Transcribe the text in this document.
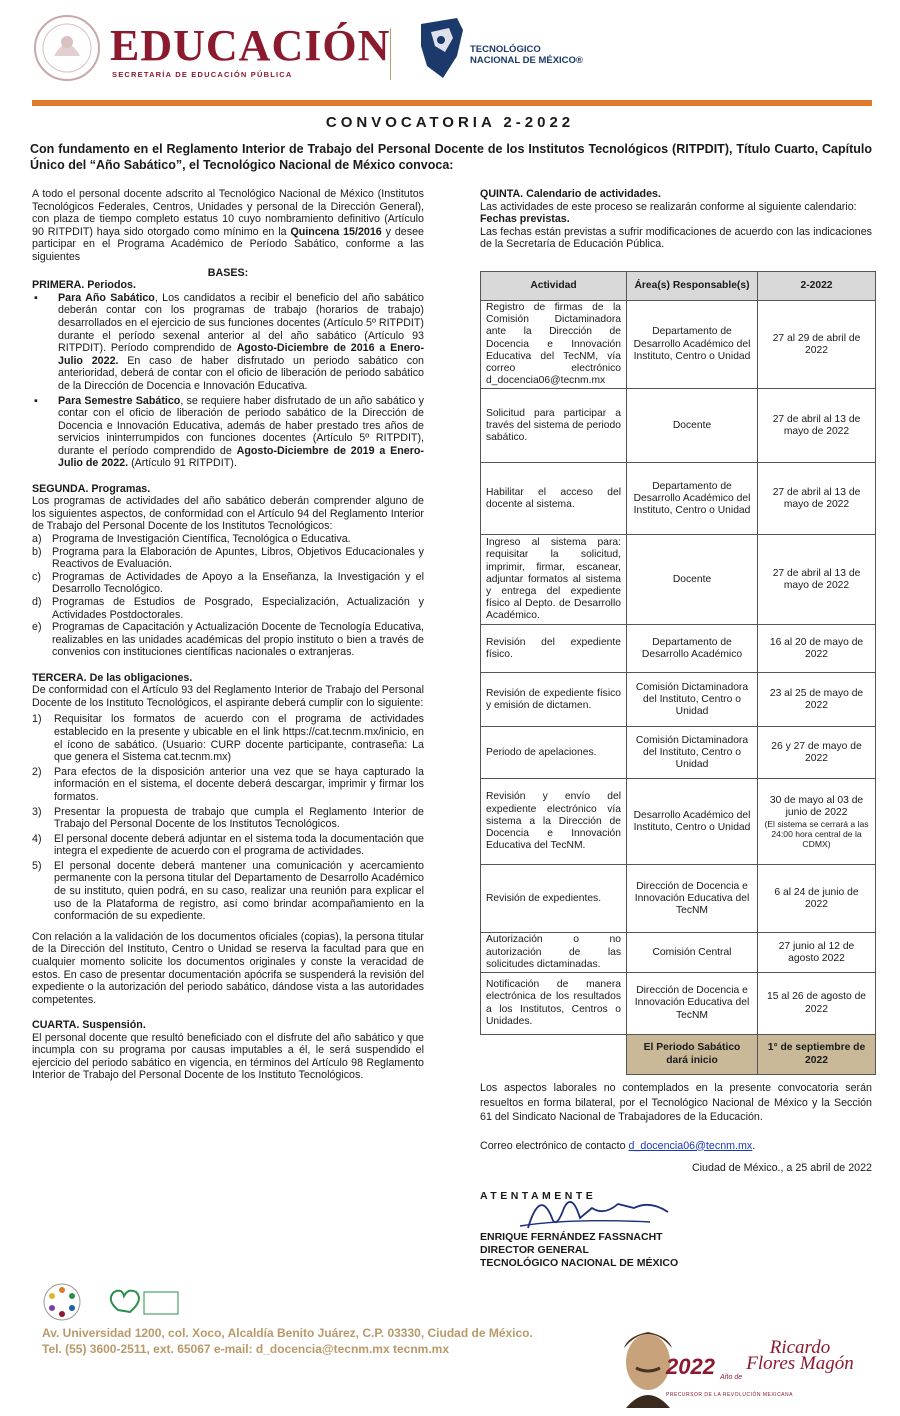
EDUCACIÓN
SECRETARÍA DE EDUCACIÓN PÚBLICA
TECNOLÓGICO
NACIONAL DE MÉXICO®
CONVOCATORIA 2-2022
Con fundamento en el Reglamento Interior de Trabajo del Personal Docente de los Institutos Tecnológicos (RITPDIT), Título Cuarto, Capítulo Único del “Año Sabático”, el Tecnológico Nacional de México convoca:

A todo el personal docente adscrito al Tecnológico Nacional de México (Institutos Tecnológicos Federales, Centros, Unidades y personal de la Dirección General), con plaza de tiempo completo estatus 10 cuyo nombramiento definitivo (Artículo 90 RITPDIT) haya sido otorgado como mínimo en la Quincena 15/2016 y desee participar en el Programa Académico de Período Sabático, conforme a las siguientes

BASES:

PRIMERA. Periodos.

▪ Para Año Sabático, Los candidatos a recibir el beneficio del año sabático deberán contar con los programas de trabajo (horarios de trabajo) desarrollados en el ejercicio de sus funciones docentes (Artículo 5º RITPDIT) durante el período sexenal anterior al del año sabático (Artículo 93 RITPDIT). Período comprendido de Agosto-Diciembre de 2016 a Enero-Julio 2022. En caso de haber disfrutado un periodo sabático con anterioridad, deberá de contar con el oficio de liberación de periodo sabático de la Dirección de Docencia e Innovación Educativa.
▪ Para Semestre Sabático, se requiere haber disfrutado de un año sabático y contar con el oficio de liberación de periodo sabático de la Dirección de Docencia e Innovación Educativa, además de haber prestado tres años de servicios ininterrumpidos con funciones docentes (Artículo 5º RITPDIT), durante el período comprendido de Agosto-Diciembre de 2019 a Enero-Julio de 2022. (Artículo 91 RITPDIT).

SEGUNDA. Programas.

Los programas de actividades del año sabático deberán comprender alguno de los siguientes aspectos, de conformidad con el Artículo 94 del Reglamento Interior de Trabajo del Personal Docente de los Institutos Tecnológicos:

a) Programa de Investigación Científica, Tecnológica o Educativa.
b) Programa para la Elaboración de Apuntes, Libros, Objetivos Educacionales y Reactivos de Evaluación.
c)	Programas de Actividades de Apoyo a la Enseñanza, la Investigación y el Desarrollo Tecnológico.
d) Programas de Estudios de Posgrado, Especialización, Actualización y Actividades Postdoctorales.
e) Programas de Capacitación y Actualización Docente de Tecnología Educativa, realizables en las unidades académicas del propio instituto o bien a través de convenios con instituciones científicas nacionales o extranjeras.

TERCERA. De las obligaciones.

De conformidad con el Artículo 93 del Reglamento Interior de Trabajo del Personal Docente de los Instituto Tecnológicos, el aspirante deberá cumplir con lo siguiente:

1)	Requisitar los formatos de acuerdo con el programa de actividades establecido en la presente y ubicable en el link https://cat.tecnm.mx/inicio, en el ícono de sabático. (Usuario: CURP docente participante, contraseña: La que genera el Sistema cat.tecnm.mx)
2)	Para efectos de la disposición anterior una vez que se haya capturado la información en el sistema, el docente deberá descargar, imprimir y firmar los formatos.
3)	Presentar la propuesta de trabajo que cumpla el Reglamento Interior de Trabajo del Personal Docente de los Institutos Tecnológicos.
4)	El personal docente deberá adjuntar en el sistema toda la documentación que integra el expediente de acuerdo con el programa de actividades.
5)	El personal docente deberá mantener una comunicación y acercamiento permanente con la persona titular del Departamento de Desarrollo Académico de su instituto, quien podrá, en su caso, realizar una reunión para explicar el uso de la Plataforma de registro, así como brindar acompañamiento en la conformación de su expediente.

Con relación a la validación de los documentos oficiales (copias), la persona titular de la Dirección del Instituto, Centro o Unidad se reserva la facultad para que en cualquier momento solicite los documentos originales y conste la veracidad de estos. En caso de presentar documentación apócrifa se suspenderá la revisión del expediente o la autorización del periodo sabático, dándose vista a las autoridades competentes.

CUARTA. Suspensión.

El personal docente que resultó beneficiado con el disfrute del año sabático y que incumpla con su programa por causas imputables a él, le será suspendido el ejercicio del periodo sabático en vigencia, en términos del Artículo 98 Reglamento Interior de Trabajo del Personal Docente de los Instituto Tecnológicos.

QUINTA. Calendario de actividades.

Las actividades de este proceso se realizarán conforme al siguiente calendario:

Fechas previstas.

Las fechas están previstas a sufrir modificaciones de acuerdo con las indicaciones de la Secretaría de Educación Pública.

Actividad	Área(s) Responsable(s)	2-2022
Registro de firmas de la Comisión Dictaminadora ante la Dirección de Docencia e Innovación Educativa del TecNM, vía correo electrónico d_docencia06@tecnm.mx	Departamento de Desarrollo Académico del Instituto, Centro o Unidad	27 al 29 de abril de 2022
Solicitud para participar a través del sistema de periodo sabático.	Docente	27 de abril al 13 de mayo de 2022
Habilitar el acceso del docente al sistema.	Departamento de Desarrollo Académico del Instituto, Centro o Unidad	27 de abril al 13 de mayo de 2022
Ingreso al sistema para: requisitar la solicitud, imprimir, firmar, escanear, adjuntar formatos al sistema y entrega del expediente físico al Depto. de Desarrollo Académico.	Docente	27 de abril al 13 de mayo de 2022
Revisión del expediente físico.	Departamento de Desarrollo Académico	16 al 20 de mayo de 2022
Revisión de expediente físico y emisión de dictamen.	Comisión Dictaminadora del Instituto, Centro o Unidad	23 al 25 de mayo de 2022
Periodo de apelaciones.	Comisión Dictaminadora del Instituto, Centro o Unidad	26 y 27 de mayo de 2022
Revisión y envío del expediente electrónico vía sistema a la Dirección de Docencia e Innovación Educativa del TecNM.	Desarrollo Académico del Instituto, Centro o Unidad	30 de mayo al 03 de junio de 2022
(El sistema se cerrará a las 24:00 hora central de la CDMX)

Revisión de expedientes.	Dirección de Docencia e Innovación Educativa del TecNM	6 al 24 de junio de 2022
Autorización o no autorización de las solicitudes dictaminadas.	Comisión Central	27 junio al 12 de agosto 2022
Notificación de manera electrónica de los resultados a los Institutos, Centros o Unidades.	Dirección de Docencia e Innovación Educativa del TecNM	15 al 26 de agosto de 2022
	El Periodo Sabático dará inicio	1° de septiembre de 2022

Los aspectos laborales no contemplados en la presente convocatoria serán resueltos en forma bilateral, por el Tecnológico Nacional de México y la Sección 61 del Sindicato Nacional de Trabajadores de la Educación.

Correo electrónico de contacto d_docencia06@tecnm.mx.

Ciudad de México., a 25 abril de 2022
ATENTAMENTE
ENRIQUE FERNÁNDEZ FASSNACHT
DIRECTOR GENERAL
TECNOLÓGICO NACIONAL DE MÉXICO
Av. Universidad 1200, col. Xoco, Alcaldía Benito Juárez, C.P. 03330, Ciudad de México.
Tel. (55) 3600-2511, ext. 65067 e-mail: d_docencia@tecnm.mx tecnm.mx
2022 Año de
Ricardo Flores Magón
PRECURSOR DE LA REVOLUCIÓN MEXICANA
